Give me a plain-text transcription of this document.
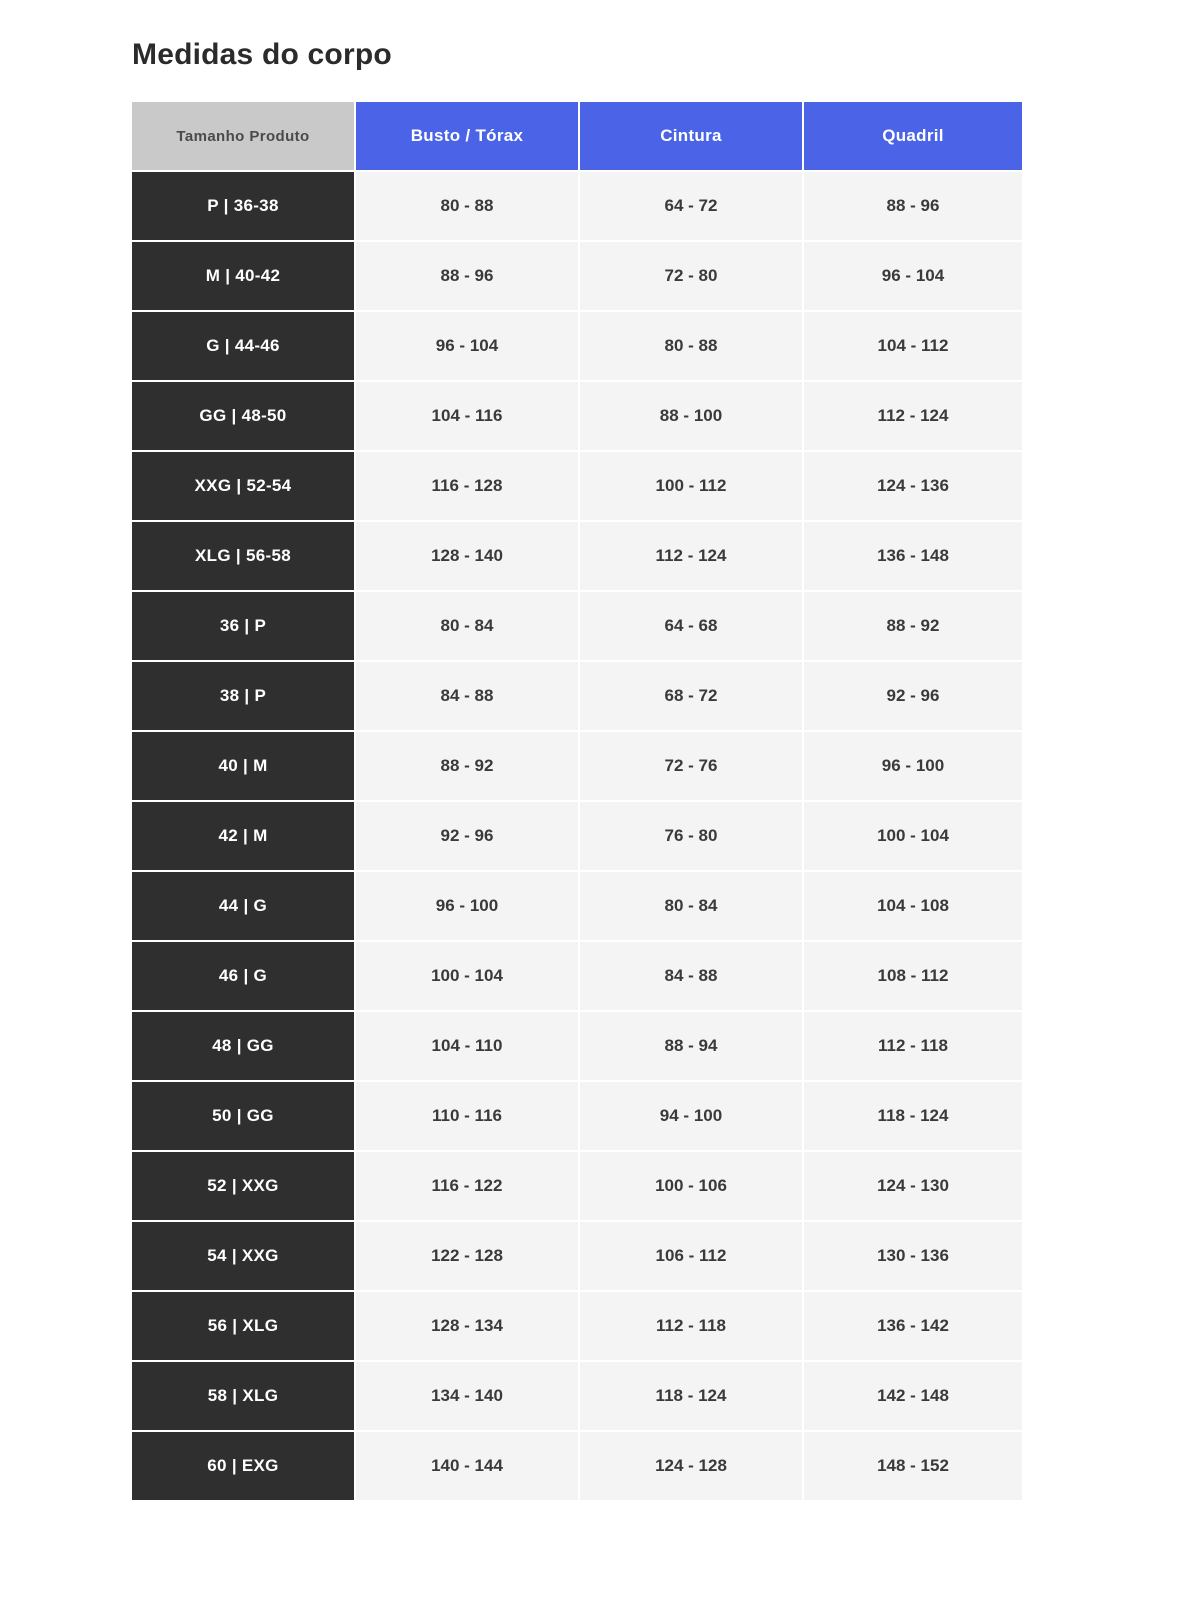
Medidas do corpo
Tamanho Produto	Busto / Tórax	Cintura	Quadril
P | 36-38	80 - 88	64 - 72	88 - 96
M | 40-42	88 - 96	72 - 80	96 - 104
G | 44-46	96 - 104	80 - 88	104 - 112
GG | 48-50	104 - 116	88 - 100	112 - 124
XXG | 52-54	116 - 128	100 - 112	124 - 136
XLG | 56-58	128 - 140	112 - 124	136 - 148
36 | P	80 - 84	64 - 68	88 - 92
38 | P	84 - 88	68 - 72	92 - 96
40 | M	88 - 92	72 - 76	96 - 100
42 | M	92 - 96	76 - 80	100 - 104
44 | G	96 - 100	80 - 84	104 - 108
46 | G	100 - 104	84 - 88	108 - 112
48 | GG	104 - 110	88 - 94	112 - 118
50 | GG	110 - 116	94 - 100	118 - 124
52 | XXG	116 - 122	100 - 106	124 - 130
54 | XXG	122 - 128	106 - 112	130 - 136
56 | XLG	128 - 134	112 - 118	136 - 142
58 | XLG	134 - 140	118 - 124	142 - 148
60 | EXG	140 - 144	124 - 128	148 - 152
